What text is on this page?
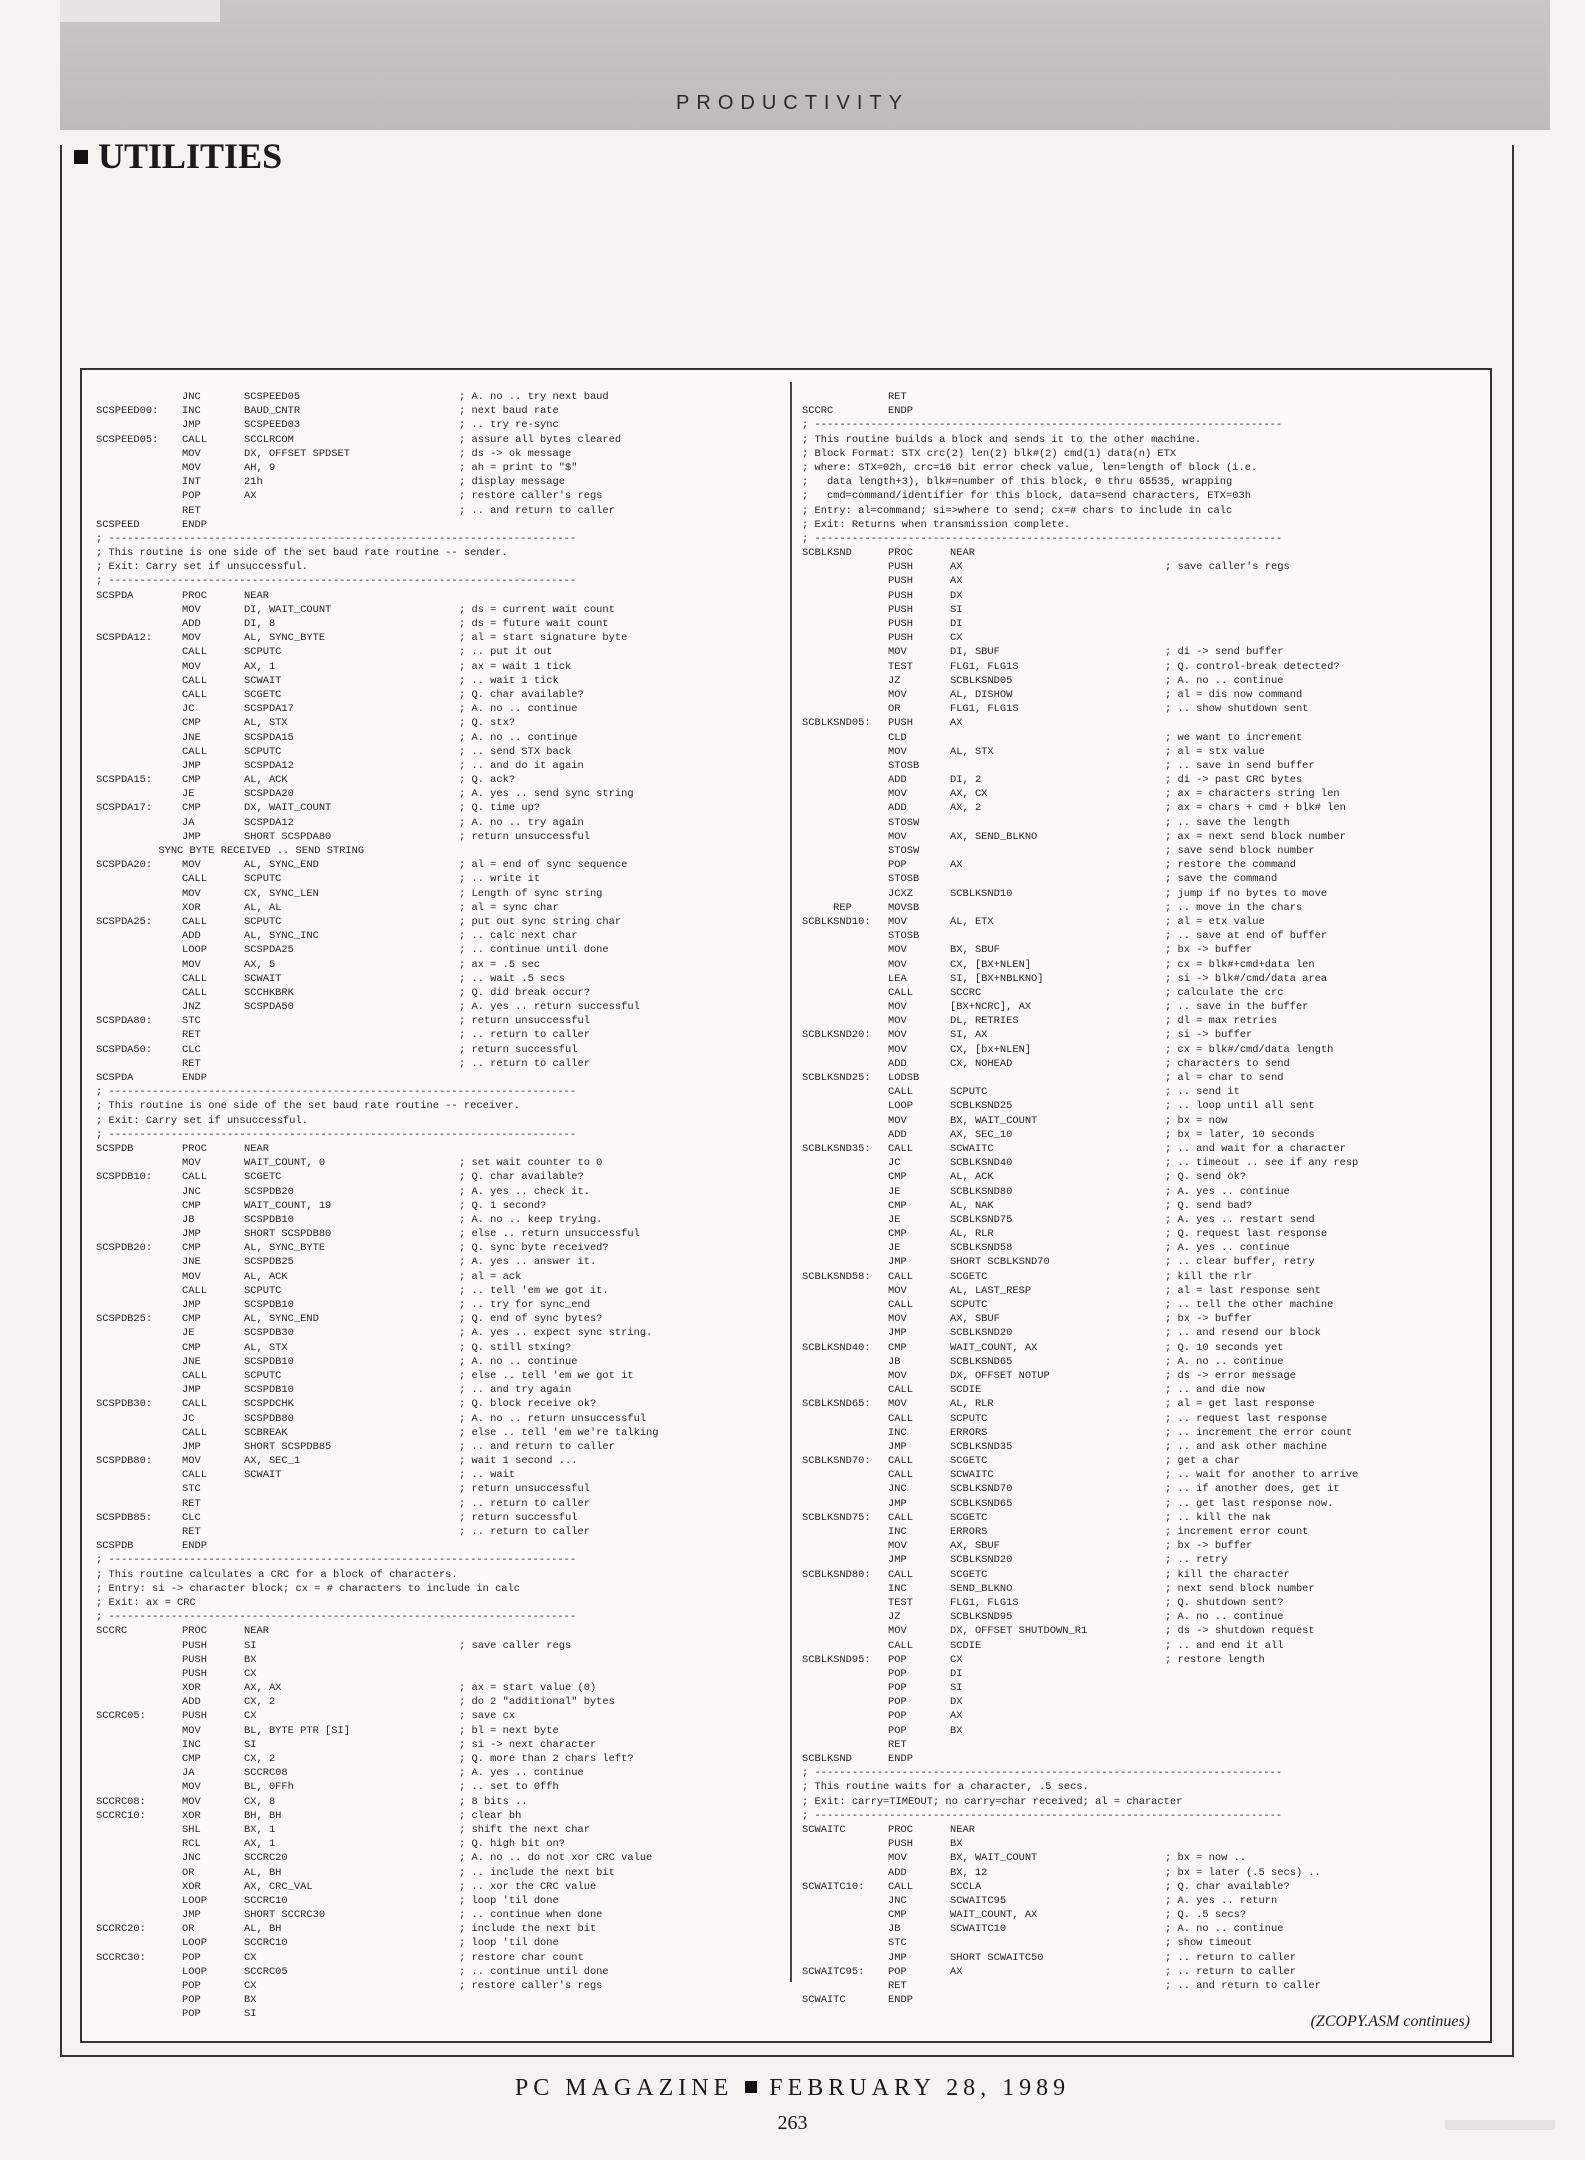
PRODUCTIVITY
UTILITIES
JNC	SCSPEED05	; A. no .. try next baud
SCSPEED00: INC	BAUD_CNTR	; next baud rate
JMP	SCSPEED03	; .. try re-sync
SCSPEED05: CALL	SCCLRCOM	; assure all bytes cleared
MOV	DX, OFFSET SPDSET	; ds -> ok message
MOV	AH, 9	; ah = print to "$"
INT	21h	; display message
POP	AX	; restore caller's regs
RET	; .. and return to caller
SCSPEED	ENDP
; ---------------------------------------------------------------------------
; This routine is one side of the set baud rate routine -- sender.
; Exit: Carry set if unsuccessful.
; ---------------------------------------------------------------------------
SCSPDA	PROC	NEAR
MOV	DI, WAIT_COUNT	; ds = current wait count
ADD	DI, 8	; ds = future wait count
SCSPDA12:	MOV	AL, SYNC_BYTE	; al = start signature byte
CALL	SCPUTC	; .. put it out
MOV	AX, 1	; ax = wait 1 tick
CALL	SCWAIT	; .. wait 1 tick
CALL	SCGETC	; Q. char available?
JC	SCSPDA17	; A. no .. continue
CMP	AL, STX	; Q. stx?
JNE	SCSPDA15	; A. no .. continue
CALL	SCPUTC	; .. send STX back
JMP	SCSPDA12	; .. and do it again
SCSPDA15:	CMP	AL, ACK	; Q. ack?
JE	SCSPDA20	; A. yes .. send sync string
SCSPDA17:	CMP	DX, WAIT_COUNT	; Q. time up?
JA	SCSPDA12	; A. no .. try again
JMP	SHORT SCSPDA80	; return unsuccessful
SYNC BYTE RECEIVED .. SEND STRING
SCSPDA20:	MOV	AL, SYNC_END	; al = end of sync sequence
CALL	SCPUTC	; .. write it
MOV	CX, SYNC_LEN	; Length of sync string
XOR	AL, AL	; al = sync char
SCSPDA25:	CALL	SCPUTC	; put out sync string char
ADD	AL, SYNC_INC	; .. calc next char
LOOP	SCSPDA25	; .. continue until done
MOV	AX, 5	; ax = .5 sec
CALL	SCWAIT	; .. wait .5 secs
CALL	SCCHKBRK	; Q. did break occur?
JNZ	SCSPDA50	; A. yes .. return successful
SCSPDA80:	STC	; return unsuccessful
RET	; .. return to caller
SCSPDA50:	CLC	; return successful
RET	; .. return to caller
SCSPDA	ENDP
; ---------------------------------------------------------------------------
; This routine is one side of the set baud rate routine -- receiver.
; Exit: Carry set if unsuccessful.
; ---------------------------------------------------------------------------
SCSPDB	PROC	NEAR
MOV	WAIT_COUNT, 0	; set wait counter to 0
SCSPDB10:	CALL	SCGETC	; Q. char available?
JNC	SCSPDB20	; A. yes .. check it.
CMP	WAIT_COUNT, 19	; Q. 1 second?
JB	SCSPDB10	; A. no .. keep trying.
JMP	SHORT SCSPDB80	; else .. return unsuccessful
SCSPDB20:	CMP	AL, SYNC_BYTE	; Q. sync byte received?
JNE	SCSPDB25	; A. yes .. answer it.
MOV	AL, ACK	; al = ack
CALL	SCPUTC	; .. tell 'em we got it.
JMP	SCSPDB10	; .. try for sync_end
SCSPDB25:	CMP	AL, SYNC_END	; Q. end of sync bytes?
JE	SCSPDB30	; A. yes .. expect sync string.
CMP	AL, STX	; Q. still stxing?
JNE	SCSPDB10	; A. no .. continue
CALL	SCPUTC	; else .. tell 'em we got it
JMP	SCSPDB10	; .. and try again
SCSPDB30:	CALL	SCSPDCHK	; Q. block receive ok?
JC	SCSPDB80	; A. no .. return unsuccessful
CALL	SCBREAK	; else .. tell 'em we're talking
JMP	SHORT SCSPDB85	; .. and return to caller
SCSPDB80:	MOV	AX, SEC_1	; wait 1 second ...
CALL	SCWAIT	; .. wait
STC	; return unsuccessful
RET	; .. return to caller
SCSPDB85:	CLC	; return successful
RET	; .. return to caller
SCSPDB	ENDP
; ---------------------------------------------------------------------------
; This routine calculates a CRC for a block of characters.
; Entry: si -> character block; cx = # characters to include in calc
; Exit: ax = CRC
; ---------------------------------------------------------------------------
SCCRC	PROC	NEAR
PUSH	SI	; save caller regs
PUSH	BX
PUSH	CX
XOR	AX, AX	; ax = start value (0)
ADD	CX, 2	; do 2 "additional" bytes
SCCRC05:	PUSH	CX	; save cx
MOV	BL, BYTE PTR [SI]	; bl = next byte
INC	SI	; si -> next character
CMP	CX, 2	; Q. more than 2 chars left?
JA	SCCRC08	; A. yes .. continue
MOV	BL, 0FFh	; .. set to 0ffh
SCCRC08:	MOV	CX, 8	; 8 bits ..
SCCRC10:	XOR	BH, BH	; clear bh
SHL	BX, 1	; shift the next char
RCL	AX, 1	; Q. high bit on?
JNC	SCCRC20	; A. no .. do not xor CRC value
OR	AL, BH	; .. include the next bit
XOR	AX, CRC_VAL	; .. xor the CRC value
LOOP	SCCRC10	; loop 'til done
JMP	SHORT SCCRC30	; .. continue when done
SCCRC20:	OR	AL, BH	; include the next bit
LOOP	SCCRC10	; loop 'til done
SCCRC30:	POP	CX	; restore char count
LOOP	SCCRC05	; .. continue until done
POP	CX	; restore caller's regs
POP	BX
POP	SI
RET
SCCRC	ENDP
; ---------------------------------------------------------------------------
; This routine builds a block and sends it to the other machine.
; Block Format: STX crc(2) len(2) blk#(2) cmd(1) data(n) ETX
; where: STX=02h, crc=16 bit error check value, len=length of block (i.e.
;   data length+3), blk#=number of this block, 0 thru 65535, wrapping
;   cmd=command/identifier for this block, data=send characters, ETX=03h
; Entry: al=command; si=>where to send; cx=# chars to include in calc
; Exit: Returns when transmission complete.
; ---------------------------------------------------------------------------
SCBLKSND	PROC	NEAR
PUSH	AX	; save caller's regs
PUSH	AX
PUSH	DX
PUSH	SI
PUSH	DI
PUSH	CX
MOV	DI, SBUF	; di -> send buffer
TEST	FLG1, FLG1S	; Q. control-break detected?
JZ	SCBLKSND05	; A. no .. continue
MOV	AL, DISHOW	; al = dis now command
OR	FLG1, FLG1S	; .. show shutdown sent
SCBLKSND05: PUSH	AX
CLD	; we want to increment
MOV	AL, STX	; al = stx value
STOSB	; .. save in send buffer
ADD	DI, 2	; di -> past CRC bytes
MOV	AX, CX	; ax = characters string len
ADD	AX, 2	; ax = chars + cmd + blk# len
STOSW	; .. save the length
MOV	AX, SEND_BLKNO	; ax = next send block number
STOSW	; save send block number
POP	AX	; restore the command
STOSB	; save the command
JCXZ	SCBLKSND10	; jump if no bytes to move
REP	MOVSB	; .. move in the chars
SCBLKSND10: MOV	AL, ETX	; al = etx value
STOSB	; .. save at end of buffer
MOV	BX, SBUF	; bx -> buffer
MOV	CX, [BX+NLEN]	; cx = blk#+cmd+data len
LEA	SI, [BX+NBLKNO]	; si -> blk#/cmd/data area
CALL	SCCRC	; calculate the crc
MOV	[BX+NCRC], AX	; .. save in the buffer
MOV	DL, RETRIES	; dl = max retries
SCBLKSND20: MOV	SI, AX	; si -> buffer
MOV	CX, [bx+NLEN]	; cx = blk#/cmd/data length
ADD	CX, NOHEAD	; characters to send
SCBLKSND25: LODSB	; al = char to send
CALL	SCPUTC	; .. send it
LOOP	SCBLKSND25	; .. loop until all sent
MOV	BX, WAIT_COUNT	; bx = now
ADD	AX, SEC_10	; bx = later, 10 seconds
SCBLKSND35: CALL	SCWAITC	; .. and wait for a character
JC	SCBLKSND40	; .. timeout .. see if any resp
CMP	AL, ACK	; Q. send ok?
JE	SCBLKSND80	; A. yes .. continue
CMP	AL, NAK	; Q. send bad?
JE	SCBLKSND75	; A. yes .. restart send
CMP	AL, RLR	; Q. request last response
JE	SCBLKSND58	; A. yes .. continue
JMP	SHORT SCBLKSND70	; .. clear buffer, retry
SCBLKSND58: CALL	SCGETC	; kill the rlr
MOV	AL, LAST_RESP	; al = last response sent
CALL	SCPUTC	; .. tell the other machine
MOV	AX, SBUF	; bx -> buffer
JMP	SCBLKSND20	; .. and resend our block
SCBLKSND40: CMP	WAIT_COUNT, AX	; Q. 10 seconds yet
JB	SCBLKSND65	; A. no .. continue
MOV	DX, OFFSET NOTUP	; ds -> error message
CALL	SCDIE	; .. and die now
SCBLKSND65: MOV	AL, RLR	; al = get last response
CALL	SCPUTC	; .. request last response
INC	ERRORS	; .. increment the error count
JMP	SCBLKSND35	; .. and ask other machine
SCBLKSND70: CALL	SCGETC	; get a char
CALL	SCWAITC	; .. wait for another to arrive
JNC	SCBLKSND70	; .. if another does, get it
JMP	SCBLKSND65	; .. get last response now.
SCBLKSND75: CALL	SCGETC	; .. kill the nak
INC	ERRORS	; increment error count
MOV	AX, SBUF	; bx -> buffer
JMP	SCBLKSND20	; .. retry
SCBLKSND80: CALL	SCGETC	; kill the character
INC	SEND_BLKNO	; next send block number
TEST	FLG1, FLG1S	; Q. shutdown sent?
JZ	SCBLKSND95	; A. no .. continue
MOV	DX, OFFSET SHUTDOWN_R1	; ds -> shutdown request
CALL	SCDIE	; .. and end it all
SCBLKSND95: POP	CX	; restore length
POP	DI
POP	SI
POP	DX
POP	AX
POP	BX
RET
SCBLKSND	ENDP
; ---------------------------------------------------------------------------
; This routine waits for a character, .5 secs.
; Exit: carry=TIMEOUT; no carry=char received; al = character
; ---------------------------------------------------------------------------
SCWAITC	PROC	NEAR
PUSH	BX
MOV	BX, WAIT_COUNT	; bx = now ..
ADD	BX, 12	; bx = later (.5 secs) ..
SCWAITC10: CALL	SCCLA	; Q. char available?
JNC	SCWAITC95	; A. yes .. return
CMP	WAIT_COUNT, AX	; Q. .5 secs?
JB	SCWAITC10	; A. no .. continue
STC	; show timeout
JMP	SHORT SCWAITC50	; .. return to caller
SCWAITC95: POP	AX	; .. return to caller
RET	; .. and return to caller
SCWAITC	ENDP
(ZCOPY.ASM continues)
PC MAGAZINE FEBRUARY 28, 1989
263
